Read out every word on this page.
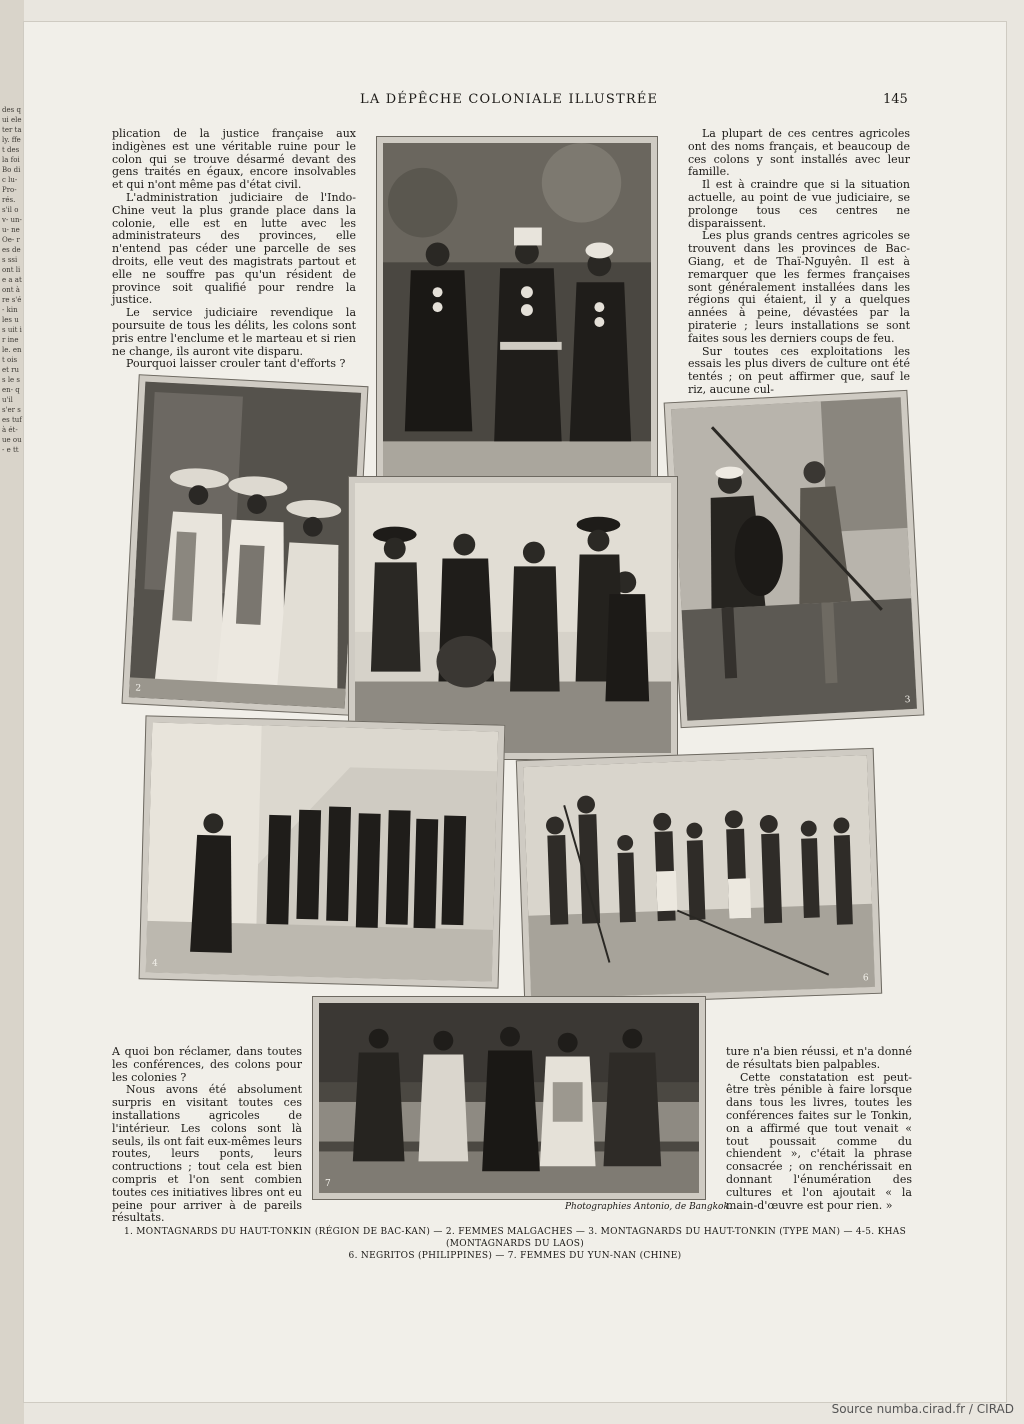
des qui ele ter taly. ffet des la foi Bo dic lu- Pro- rés. s'il ov- un- u- ne Oe- res des ssi ont lie a at ont à re s'é- kin les us uit ir ine le. ent ois et rus le sen- qu'il s'er ses tuf à ét- ue ou- e tt
LA DÉPÊCHE COLONIALE ILLUSTRÉE	145

plication de la justice française aux indigènes est une véritable ruine pour le colon qui se trouve désarmé devant des gens traités en égaux, encore insolvables et qui n'ont même pas d'état civil.

L'administration judiciaire de l'Indo-Chine veut la plus grande place dans la colonie, elle est en lutte avec les administrateurs des provinces, elle n'entend pas céder une parcelle de ses droits, elle veut des magistrats partout et elle ne souffre pas qu'un résident de province soit qualifié pour rendre la justice.

Le service judiciaire revendique la poursuite de tous les délits, les colons sont pris entre l'enclume et le marteau et si rien ne change, ils auront vite disparu.

Pourquoi laisser crouler tant d'efforts ?

La plupart de ces centres agricoles ont des noms français, et beaucoup de ces colons y sont installés avec leur famille.

Il est à craindre que si la situation actuelle, au point de vue judiciaire, se prolonge tous ces centres ne disparaissent.

Les plus grands centres agricoles se trouvent dans les provinces de Bac-Giang, et de Thaï-Nguyên. Il est à remarquer que les fermes françaises sont généralement installées dans les régions qui étaient, il y a quelques années à peine, dévastées par la piraterie ; leurs installations se sont faites sous les derniers coups de feu.

Sur toutes ces exploitations les essais les plus divers de culture ont été tentés ; on peut affirmer que, sauf le riz, aucune cul-

2
3
4
6
7

A quoi bon réclamer, dans toutes les conférences, des colons pour les colonies ?

Nous avons été absolument surpris en visitant toutes ces installations agricoles de l'intérieur. Les colons sont là seuls, ils ont fait eux-mêmes leurs routes, leurs ponts, leurs contructions ; tout cela est bien compris et l'on sent combien toutes ces initiatives libres ont eu peine pour arriver à de pareils résultats.

ture n'a bien réussi, et n'a donné de résultats bien palpables.

Cette constatation est peut-être très pénible à faire lorsque dans tous les livres, toutes les conférences faites sur le Tonkin, on a affirmé que tout venait « tout poussait comme du chiendent », c'était la phrase consacrée ; on renchérissait en donnant l'énumération des cultures et l'on ajoutait « la main-d'œuvre est pour rien. »

Photographies Antonio, de Bangkok.
1. MONTAGNARDS DU HAUT-TONKIN (RÉGION DE BAC-KAN) — 2. FEMMES MALGACHES — 3. MONTAGNARDS DU HAUT-TONKIN (TYPE MAN) — 4-5. KHAS (MONTAGNARDS DU LAOS)
6. NEGRITOS (PHILIPPINES) — 7. FEMMES DU YUN-NAN (CHINE)
Source numba.cirad.fr / CIRAD
